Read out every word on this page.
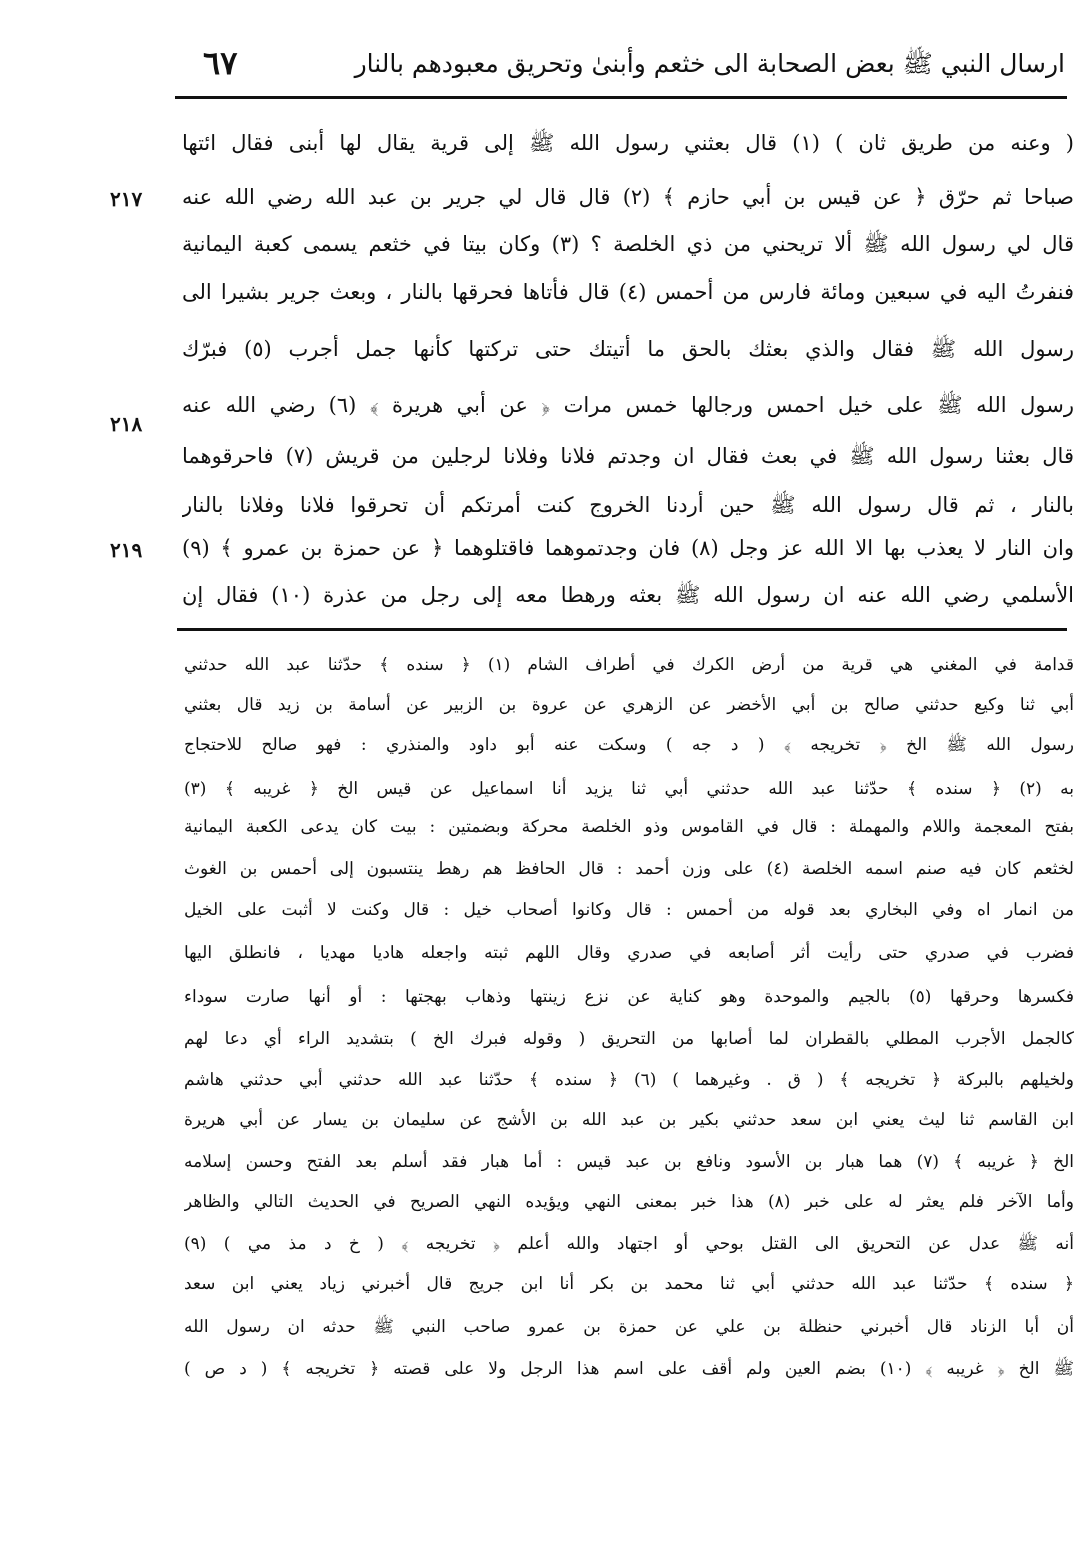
ارسال النبي ﷺ بعض الصحابة الى خثعم وأبنىٰ وتحريق معبودهم بالنار
٦٧
( وعنه من طريق ثان ) (١) قال بعثني رسول الله ﷺ إلى قرية يقال لها أبنى فقال ائتها
صباحا ثم حرّق ﴿ عن قيس بن أبي حازم ﴾ (٢) قال قال لي جرير بن عبد الله رضي الله عنه
قال لي رسول الله ﷺ ألا تريحني من ذي الخلصة ؟ (٣) وكان بيتا في خثعم يسمى كعبة اليمانية
فنفرتُ اليه في سبعين ومائة فارس من أحمس (٤) قال فأتاها فحرقها بالنار ، وبعث جرير بشيرا الى
رسول الله ﷺ فقال والذي بعثك بالحق ما أتيتك حتى تركتها كأنها جمل أجرب (٥) فبرّك
رسول الله ﷺ على خيل احمس ورجالها خمس مرات ﴿ عن أبي هريرة ﴾ (٦) رضي الله عنه
قال بعثنا رسول الله ﷺ في بعث فقال ان وجدتم فلانا وفلانا لرجلين من قريش (٧) فاحرقوهما
بالنار ، ثم قال رسول الله ﷺ حين أردنا الخروج كنت أمرتكم أن تحرقوا فلانا وفلانا بالنار
وان النار لا يعذب بها الا الله عز وجل (٨) فان وجدتموهما فاقتلوهما ﴿ عن حمزة بن عمرو ﴾ (٩)
الأسلمي رضي الله عنه ان رسول الله ﷺ بعثه ورهطا معه إلى رجل من عذرة (١٠) فقال إن
٢١٧
٢١٨
٢١٩
قدامة في المغني هي قرية من أرض الكرك في أطراف الشام (١) ﴿ سنده ﴾ حدّثنا عبد الله حدثني
أبي ثنا وكيع حدثني صالح بن أبي الأخضر عن الزهري عن عروة بن الزبير عن أسامة بن زيد قال بعثني
رسول الله ﷺ الخ ﴿ تخريجه ﴾ ( د جه ) وسكت عنه أبو داود والمنذري : فهو صالح للاحتجاج
به (٢) ﴿ سنده ﴾ حدّثنا عبد الله حدثني أبي ثنا يزيد أنا اسماعيل عن قيس الخ ﴿ غريبه ﴾ (٣)
بفتح المعجمة واللام والمهملة : قال في القاموس وذو الخلصة محركة وبضمتين : بيت كان يدعى الكعبة اليمانية
لخثعم كان فيه صنم اسمه الخلصة (٤) على وزن أحمد : قال الحافظ هم رهط ينتسبون إلى أحمس بن الغوث
من انمار اه وفي البخاري بعد قوله من أحمس : قال وكانوا أصحاب خيل : قال وكنت لا أثبت على الخيل
فضرب في صدري حتى رأيت أثر أصابعه في صدري وقال اللهم ثبته واجعله هاديا مهديا ، فانطلق اليها
فكسرها وحرقها (٥) بالجيم والموحدة وهو كناية عن نزع زينتها وذهاب بهجتها : أو أنها صارت سوداء
كالجمل الأجرب المطلي بالقطران لما أصابها من التحريق ( وقوله فبرك الخ ) بتشديد الراء أي دعا لهم
ولخيلهم بالبركة ﴿ تخريجه ﴾ ( ق . وغيرهما ) (٦) ﴿ سنده ﴾ حدّثنا عبد الله حدثني أبي حدثني هاشم
ابن القاسم ثنا ليث يعني ابن سعد حدثني بكير بن عبد الله بن الأشج عن سليمان بن يسار عن أبي هريرة
الخ ﴿ غريبه ﴾ (٧) هما هبار بن الأسود ونافع بن عبد قيس : أما هبار فقد أسلم بعد الفتح وحسن إسلامه
وأما الآخر فلم يعثر له على خبر (٨) هذا خبر بمعنى النهي ويؤيده النهي الصريح في الحديث التالي والظاهر
أنه ﷺ عدل عن التحريق الى القتل بوحي أو اجتهاد والله أعلم ﴿ تخريجه ﴾ ( خ د مذ مي ) (٩)
﴿ سنده ﴾ حدّثنا عبد الله حدثني أبي ثنا محمد بن بكر أنا ابن جريج قال أخبرني زياد يعني ابن سعد
أن أبا الزناد قال أخبرني حنظلة بن علي عن حمزة بن عمرو صاحب النبي ﷺ حدثه ان رسول الله
ﷺ الخ ﴿ غريبه ﴾ (١٠) بضم العين ولم أقف على اسم هذا الرجل ولا على قصته ﴿ تخريجه ﴾ ( د ص )
